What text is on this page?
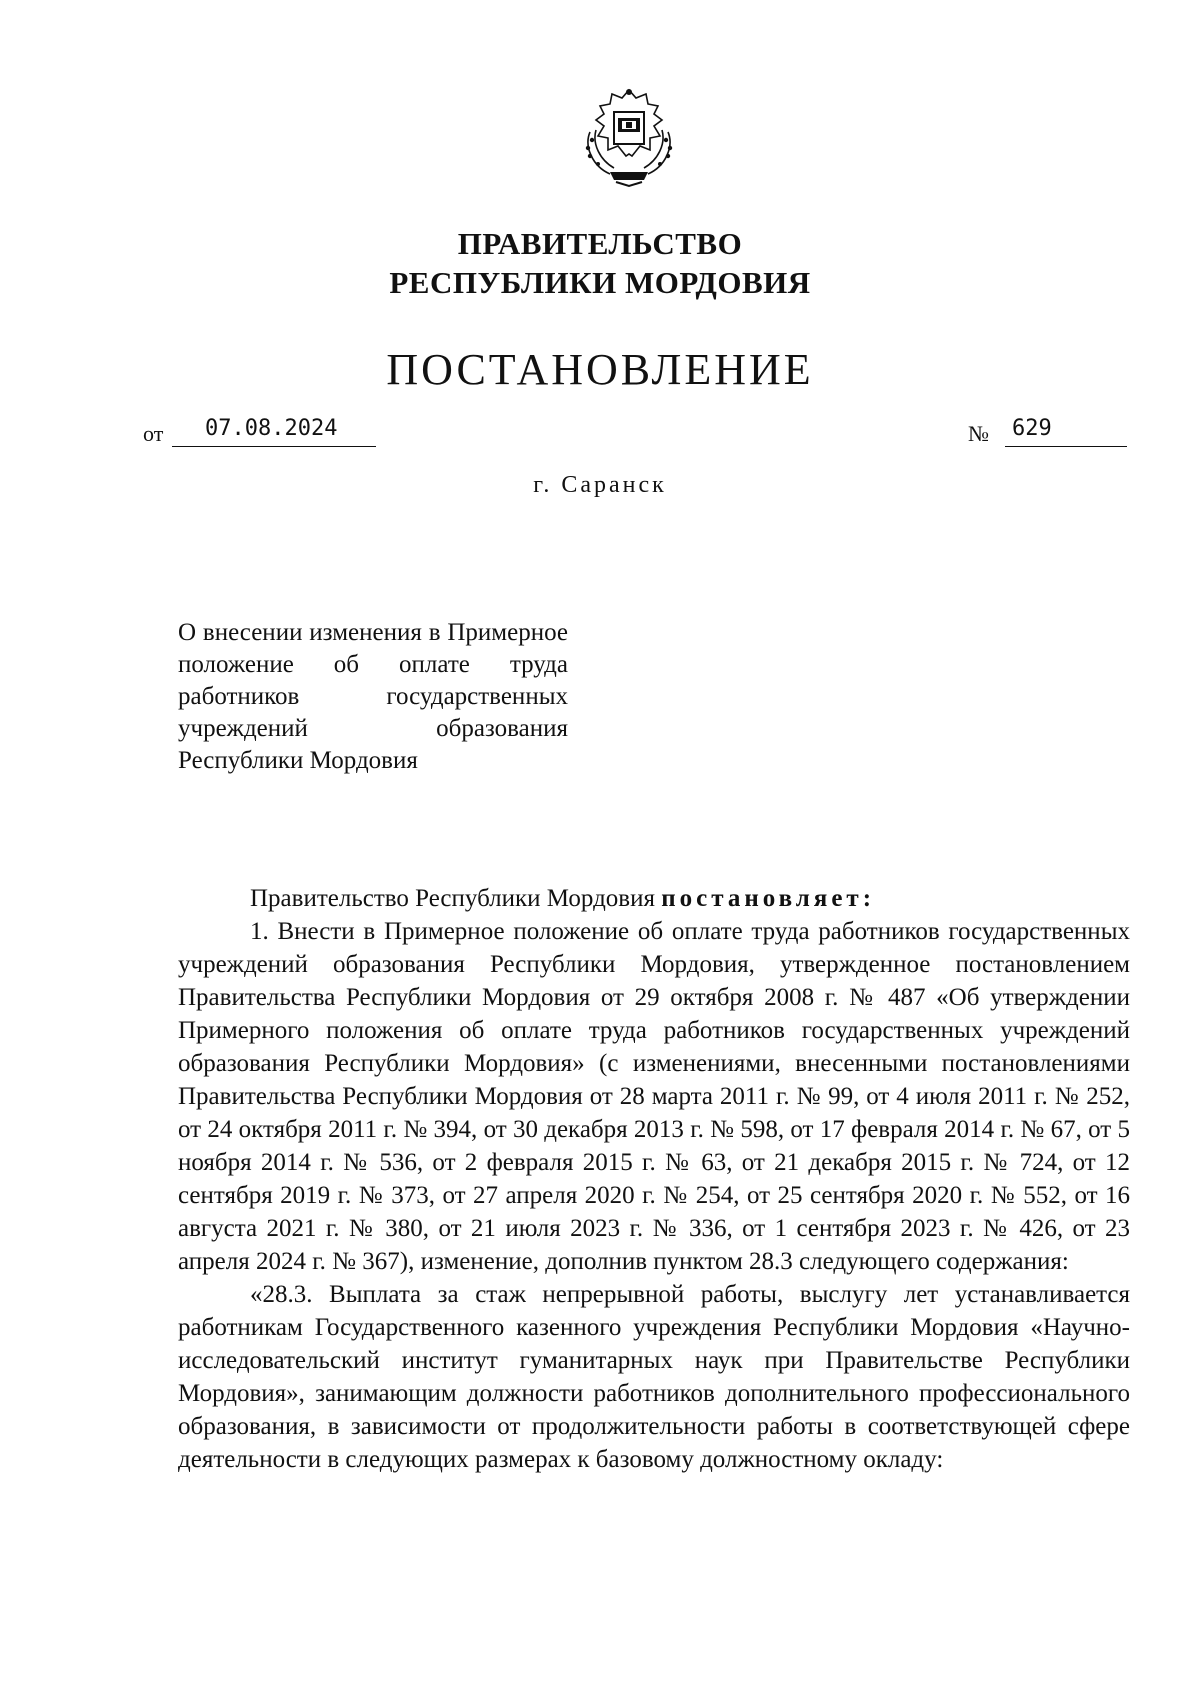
ПРАВИТЕЛЬСТВО
РЕСПУБЛИКИ МОРДОВИЯ
ПОСТАНОВЛЕНИЕ
от 07.08.2024	№ 629
г. Саранск
О внесении изменения в Примерное положение об оплате труда работников государственных учреждений образования Республики Мордовия

Правительство Республики Мордовия постановляет:

1. Внести в Примерное положение об оплате труда работников государственных учреждений образования Республики Мордовия, утвержденное постановлением Правительства Республики Мордовия от 29 октября 2008 г. № 487 «Об утверждении Примерного положения об оплате труда работников государственных учреждений образования Республики Мордовия» (с изменениями, внесенными постановлениями Правительства Республики Мордовия от 28 марта 2011 г. № 99, от 4 июля 2011 г. № 252, от 24 октября 2011 г. № 394, от 30 декабря 2013 г. № 598, от 17 февраля 2014 г. № 67, от 5 ноября 2014 г. № 536, от 2 февраля 2015 г. № 63, от 21 декабря 2015 г. № 724, от 12 сентября 2019 г. № 373, от 27 апреля 2020 г. № 254, от 25 сентября 2020 г. № 552, от 16 августа 2021 г. № 380, от 21 июля 2023 г. № 336, от 1 сентября 2023 г. № 426, от 23 апреля 2024 г. № 367), изменение, дополнив пунктом 28.3 следующего содержания:

«28.3. Выплата за стаж непрерывной работы, выслугу лет устанавливается работникам Государственного казенного учреждения Республики Мордовия «Научно-исследовательский институт гуманитарных наук при Правительстве Республики Мордовия», занимающим должности работников дополнительного профессионального образования, в зависимости от продолжительности работы в соответствующей сфере деятельности в следующих размерах к базовому должностному окладу:
